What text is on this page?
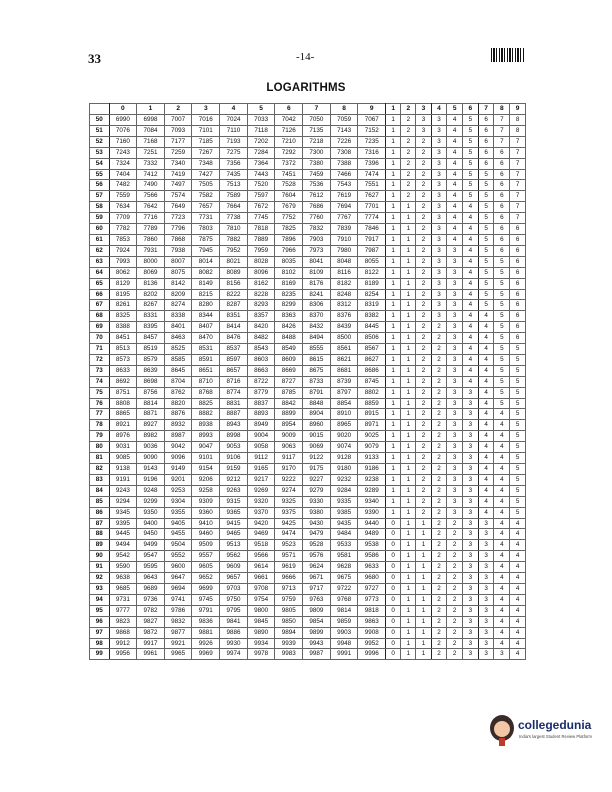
33	-14-
LOGARITHMS
	0	1	2	3	4	5	6	7	8	9	1	2	3	4	5	6	7	8	9
50	6990	6998	7007	7016	7024	7033	7042	7050	7059	7067	1	2	3	3	4	5	6	7	8
51	7076	7084	7093	7101	7110	7118	7126	7135	7143	7152	1	2	3	3	4	5	6	7	8
52	7160	7168	7177	7185	7193	7202	7210	7218	7226	7235	1	2	2	3	4	5	6	7	7
53	7243	7251	7259	7267	7275	7284	7292	7300	7308	7316	1	2	2	3	4	5	6	6	7
54	7324	7332	7340	7348	7356	7364	7372	7380	7388	7396	1	2	2	3	4	5	6	6	7
55	7404	7412	7419	7427	7435	7443	7451	7459	7466	7474	1	2	2	3	4	5	5	6	7
56	7482	7490	7497	7505	7513	7520	7528	7536	7543	7551	1	2	2	3	4	5	5	6	7
57	7559	7566	7574	7582	7589	7597	7604	7612	7619	7627	1	2	2	3	4	5	5	6	7
58	7634	7642	7649	7657	7664	7672	7679	7686	7694	7701	1	1	2	3	4	4	5	6	7
59	7709	7716	7723	7731	7738	7745	7752	7760	7767	7774	1	1	2	3	4	4	5	6	7
60	7782	7789	7796	7803	7810	7818	7825	7832	7839	7846	1	1	2	3	4	4	5	6	6
61	7853	7860	7868	7875	7882	7889	7896	7903	7910	7917	1	1	2	3	4	4	5	6	6
62	7924	7931	7938	7945	7952	7959	7966	7973	7980	7987	1	1	2	3	3	4	5	6	6
63	7993	8000	8007	8014	8021	8028	8035	8041	8048	8055	1	1	2	3	3	4	5	5	6
64	8062	8069	8075	8082	8089	8096	8102	8109	8116	8122	1	1	2	3	3	4	5	5	6
65	8129	8136	8142	8149	8156	8162	8169	8176	8182	8189	1	1	2	3	3	4	5	5	6
66	8195	8202	8209	8215	8222	8228	8235	8241	8248	8254	1	1	2	3	3	4	5	5	6
67	8261	8267	8274	8280	8287	8293	8299	8306	8312	8319	1	1	2	3	3	4	5	5	6
68	8325	8331	8338	8344	8351	8357	8363	8370	8376	8382	1	1	2	3	3	4	4	5	6
69	8388	8395	8401	8407	8414	8420	8426	8432	8439	8445	1	1	2	2	3	4	4	5	6
70	8451	8457	8463	8470	8476	8482	8488	8494	8500	8506	1	1	2	2	3	4	4	5	6
71	8513	8519	8525	8531	8537	8543	8549	8555	8561	8567	1	1	2	2	3	4	4	5	5
72	8573	8579	8585	8591	8597	8603	8609	8615	8621	8627	1	1	2	2	3	4	4	5	5
73	8633	8639	8645	8651	8657	8663	8669	8675	8681	8686	1	1	2	2	3	4	4	5	5
74	8692	8698	8704	8710	8716	8722	8727	8733	8739	8745	1	1	2	2	3	4	4	5	5
75	8751	8756	8762	8768	8774	8779	8785	8791	8797	8802	1	1	2	2	3	3	4	5	5
76	8808	8814	8820	8825	8831	8837	8842	8848	8854	8859	1	1	2	2	3	3	4	5	5
77	8865	8871	8876	8882	8887	8893	8899	8904	8910	8915	1	1	2	2	3	3	4	4	5
78	8921	8927	8932	8938	8943	8949	8954	8960	8965	8971	1	1	2	2	3	3	4	4	5
79	8976	8982	8987	8993	8998	9004	9009	9015	9020	9025	1	1	2	2	3	3	4	4	5
80	9031	9036	9042	9047	9053	9058	9063	9069	9074	9079	1	1	2	2	3	3	4	4	5
81	9085	9090	9096	9101	9106	9112	9117	9122	9128	9133	1	1	2	2	3	3	4	4	5
82	9138	9143	9149	9154	9159	9165	9170	9175	9180	9186	1	1	2	2	3	3	4	4	5
83	9191	9196	9201	9206	9212	9217	9222	9227	9232	9238	1	1	2	2	3	3	4	4	5
84	9243	9248	9253	9258	9263	9269	9274	9279	9284	9289	1	1	2	2	3	3	4	4	5
85	9294	9299	9304	9309	9315	9320	9325	9330	9335	9340	1	1	2	2	3	3	4	4	5
86	9345	9350	9355	9360	9365	9370	9375	9380	9385	9390	1	1	2	2	3	3	4	4	5
87	9395	9400	9405	9410	9415	9420	9425	9430	9435	9440	0	1	1	2	2	3	3	4	4
88	9445	9450	9455	9460	9465	9469	9474	9479	9484	9489	0	1	1	2	2	3	3	4	4
89	9494	9499	9504	9509	9513	9518	9523	9528	9533	9538	0	1	1	2	2	3	3	4	4
90	9542	9547	9552	9557	9562	9566	9571	9576	9581	9586	0	1	1	2	2	3	3	4	4
91	9590	9595	9600	9605	9609	9614	9619	9624	9628	9633	0	1	1	2	2	3	3	4	4
92	9638	9643	9647	9652	9657	9661	9666	9671	9675	9680	0	1	1	2	2	3	3	4	4
93	9685	9689	9694	9699	9703	9708	9713	9717	9722	9727	0	1	1	2	2	3	3	4	4
94	9731	9736	9741	9745	9750	9754	9759	9763	9768	9773	0	1	1	2	2	3	3	4	4
95	9777	9782	9786	9791	9795	9800	9805	9809	9814	9818	0	1	1	2	2	3	3	4	4
96	9823	9827	9832	9836	9841	9845	9850	9854	9859	9863	0	1	1	2	2	3	3	4	4
97	9868	9872	9877	9881	9886	9890	9894	9899	9903	9908	0	1	1	2	2	3	3	4	4
98	9912	9917	9921	9926	9930	9934	9939	9943	9948	9952	0	1	1	2	2	3	3	4	4
99	9956	9961	9965	9969	9974	9978	9983	9987	9991	9996	0	1	1	2	2	3	3	3	4
collegedunia
India's largest Student Review Platform
